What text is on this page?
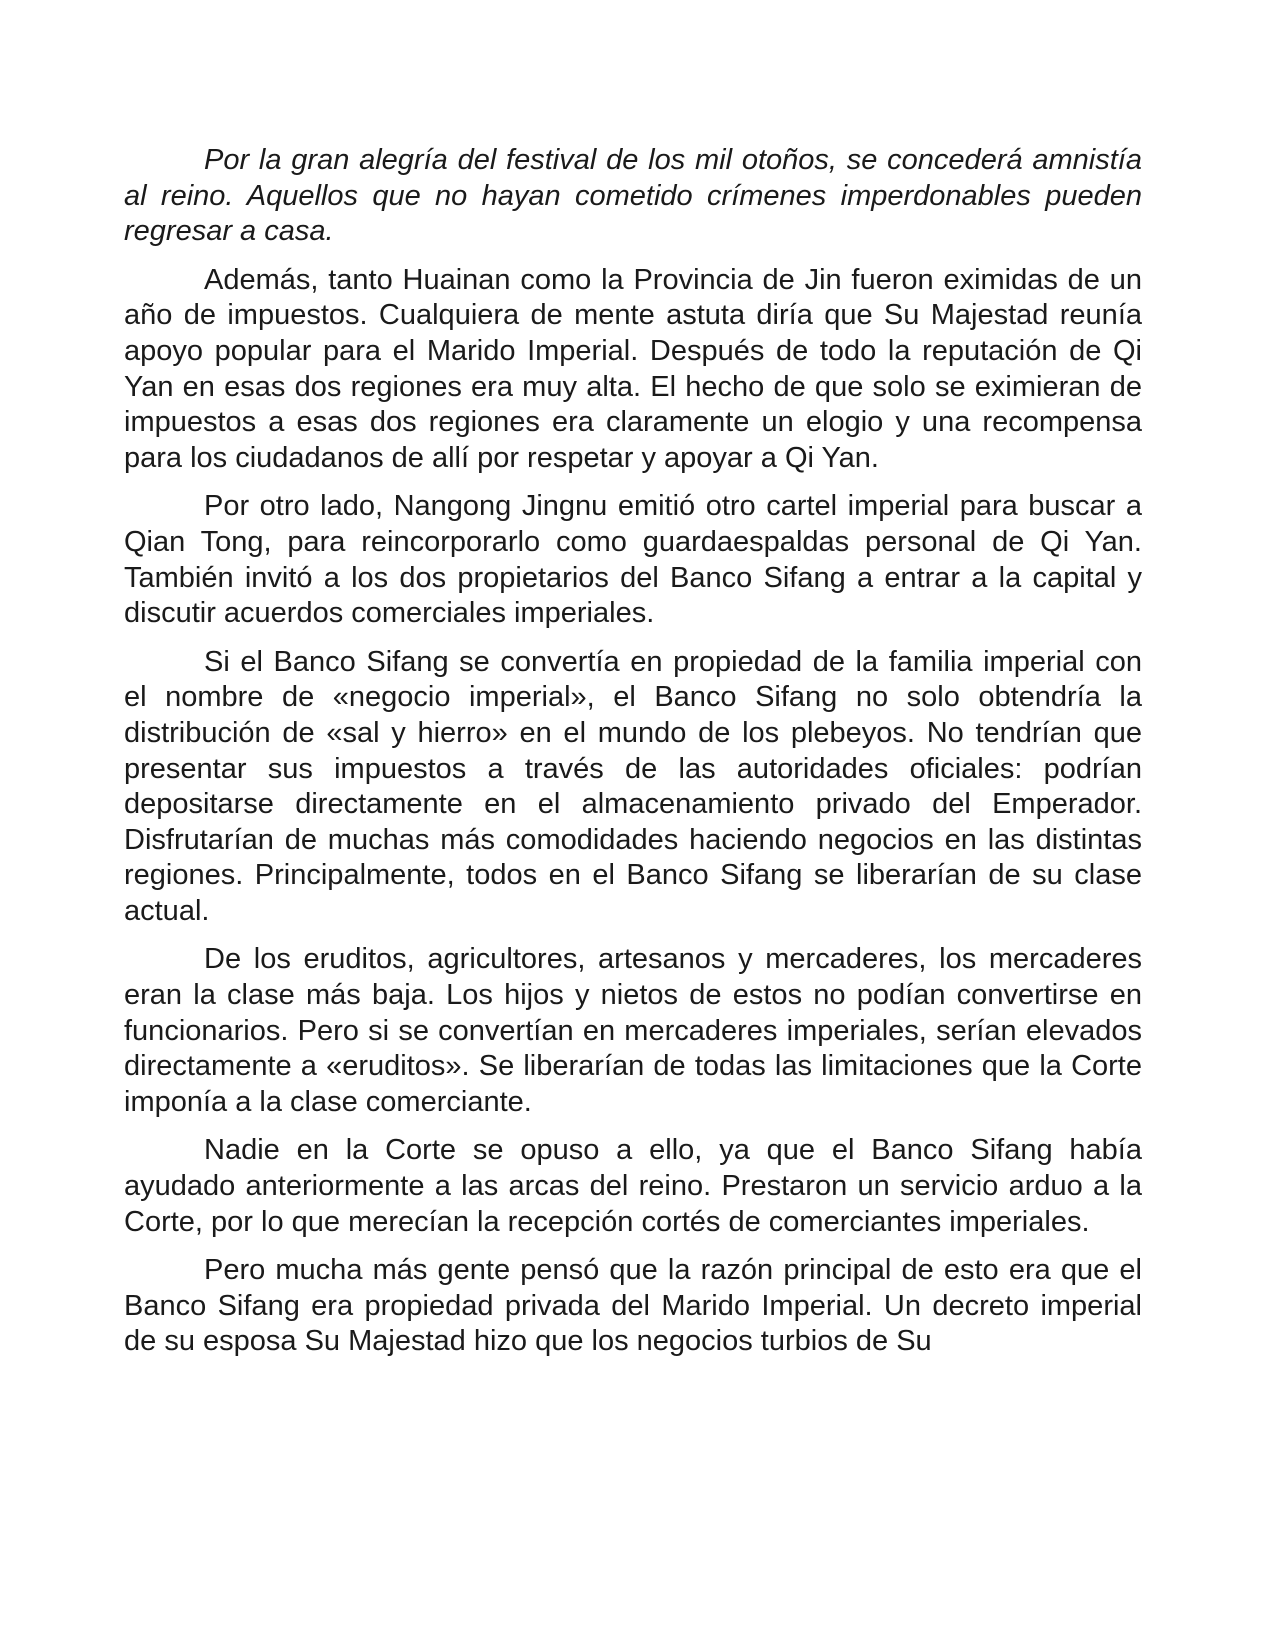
Por la gran alegría del festival de los mil otoños, se concederá amnistía al reino. Aquellos que no hayan cometido crímenes imperdonables pueden regresar a casa.

Además, tanto Huainan como la Provincia de Jin fueron eximidas de un año de impuestos. Cualquiera de mente astuta diría que Su Majestad reunía apoyo popular para el Marido Imperial. Después de todo la reputación de Qi Yan en esas dos regiones era muy alta. El hecho de que solo se eximieran de impuestos a esas dos regiones era claramente un elogio y una recompensa para los ciudadanos de allí por respetar y apoyar a Qi Yan.

Por otro lado, Nangong Jingnu emitió otro cartel imperial para buscar a Qian Tong, para reincorporarlo como guardaespaldas personal de Qi Yan. También invitó a los dos propietarios del Banco Sifang a entrar a la capital y discutir acuerdos comerciales imperiales.

Si el Banco Sifang se convertía en propiedad de la familia imperial con el nombre de «negocio imperial», el Banco Sifang no solo obtendría la distribución de «sal y hierro» en el mundo de los plebeyos. No tendrían que presentar sus impuestos a través de las autoridades oficiales: podrían depositarse directamente en el almacenamiento privado del Emperador. Disfrutarían de muchas más comodidades haciendo negocios en las distintas regiones. Principalmente, todos en el Banco Sifang se liberarían de su clase actual.

De los eruditos, agricultores, artesanos y mercaderes, los mercaderes eran la clase más baja. Los hijos y nietos de estos no podían convertirse en funcionarios. Pero si se convertían en mercaderes imperiales, serían elevados directamente a «eruditos». Se liberarían de todas las limitaciones que la Corte imponía a la clase comerciante.

Nadie en la Corte se opuso a ello, ya que el Banco Sifang había ayudado anteriormente a las arcas del reino. Prestaron un servicio arduo a la Corte, por lo que merecían la recepción cortés de comerciantes imperiales.

Pero mucha más gente pensó que la razón principal de esto era que el Banco Sifang era propiedad privada del Marido Imperial. Un decreto imperial de su esposa Su Majestad hizo que los negocios turbios de Su
